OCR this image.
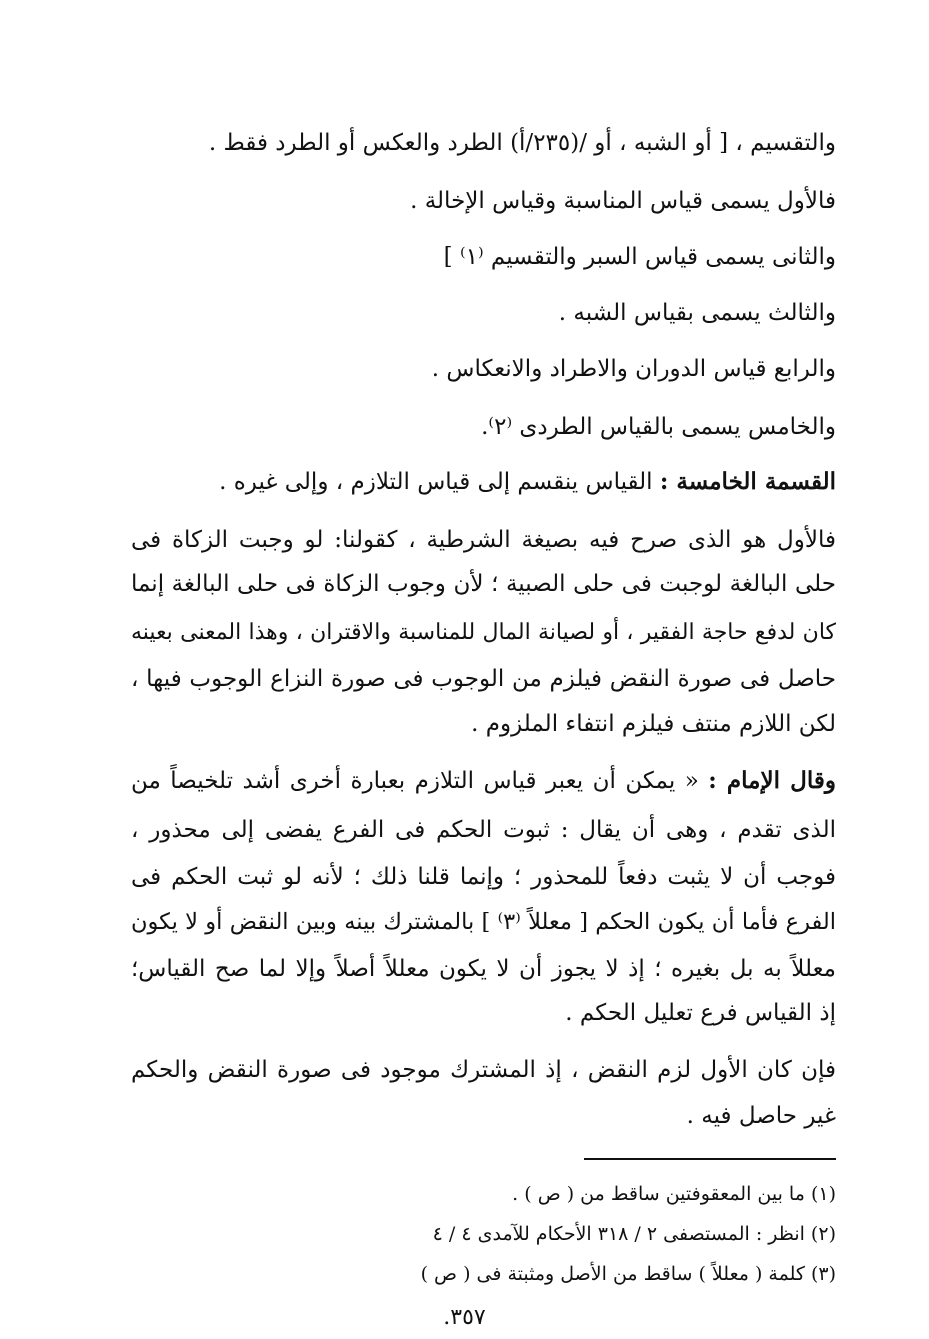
والتقسيم ، [ أو الشبه ، أو /(٢٣٥/أ) الطرد والعكس أو الطرد فقط .
فالأول يسمى قياس المناسبة وقياس الإخالة .
والثانى يسمى قياس السبر والتقسيم ⁽١⁾ ]
والثالث يسمى بقياس الشبه .
والرابع قياس الدوران والاطراد والانعكاس .
والخامس يسمى بالقياس الطردى ⁽٢⁾.
القسمة الخامسة : القياس ينقسم إلى قياس التلازم ، وإلى غيره .
فالأول هو الذى صرح فيه بصيغة الشرطية ، كقولنا: لو وجبت الزكاة فى
حلى البالغة لوجبت فى حلى الصبية ؛ لأن وجوب الزكاة فى حلى البالغة إنما
كان لدفع حاجة الفقير ، أو لصيانة المال للمناسبة والاقتران ، وهذا المعنى بعينه
حاصل فى صورة النقض فيلزم من الوجوب فى صورة النزاع الوجوب فيها ،
لكن اللازم منتف فيلزم انتفاء الملزوم .
وقال الإمام : « يمكن أن يعبر قياس التلازم بعبارة أخرى أشد تلخيصاً من
الذى تقدم ، وهى أن يقال : ثبوت الحكم فى الفرع يفضى إلى محذور ،
فوجب أن لا يثبت دفعاً للمحذور ؛ وإنما قلنا ذلك ؛ لأنه لو ثبت الحكم فى
الفرع فأما أن يكون الحكم [ معللاً ⁽٣⁾ ] بالمشترك بينه وبين النقض أو لا يكون
معللاً به بل بغيره ؛ إذ لا يجوز أن لا يكون معللاً أصلاً وإلا لما صح القياس؛
إذ القياس فرع تعليل الحكم .
فإن كان الأول لزم النقض ، إذ المشترك موجود فى صورة النقض والحكم
غير حاصل فيه .
(١) ما بين المعقوفتين ساقط من ( ص ) .
(٢) انظر : المستصفى ٢ / ٣١٨ الأحكام للآمدى ٤ / ٤
(٣) كلمة ( معللاً ) ساقط من الأصل ومثبتة فى ( ص )
٣٥٧.
